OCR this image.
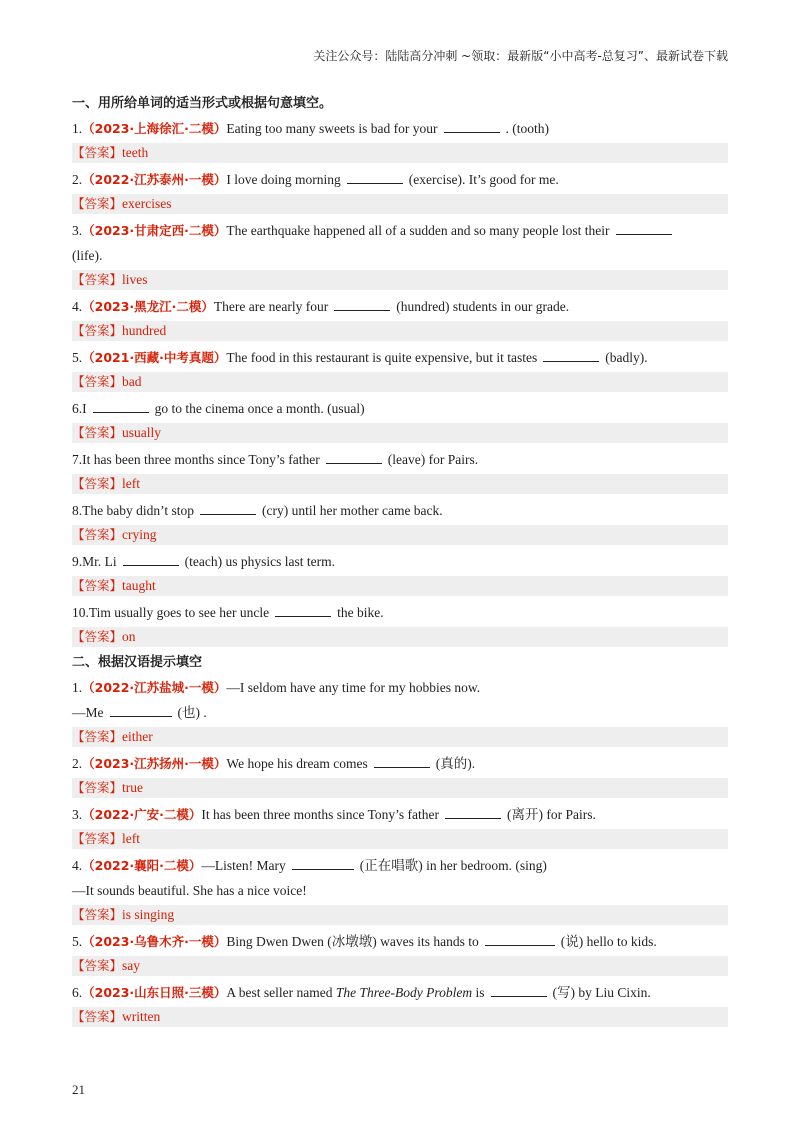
关注公众号：陆陆高分冲刺 ~领取：最新版“小中高考-总复习”、最新试卷下载
一、用所给单词的适当形式或根据句意填空。
1.（2023·上海徐汇·二模）Eating too many sweets is bad for your	. (tooth)
【答案】teeth
2.（2022·江苏泰州·一模）I love doing morning	(exercise). It’s good for me.
【答案】exercises
3.（2023·甘肃定西·二模）The earthquake happened all of a sudden and so many people lost their
(life).
【答案】lives
4.（2023·黑龙江·二模）There are nearly four	(hundred) students in our grade.
【答案】hundred
5.（2021·西藏·中考真题）The food in this restaurant is quite expensive, but it tastes	(badly).
【答案】bad
6.I	go to the cinema once a month. (usual)
【答案】usually
7.It has been three months since Tony’s father	(leave) for Pairs.
【答案】left
8.The baby didn’t stop	(cry) until her mother came back.
【答案】crying
9.Mr. Li	(teach) us physics last term.
【答案】taught
10.Tim usually goes to see her uncle	the bike.
【答案】on
二、根据汉语提示填空
1.（2022·江苏盐城·一模）—I seldom have any time for my hobbies now.
—Me	(也) .
【答案】either
2.（2023·江苏扬州·一模）We hope his dream comes	(真的).
【答案】true
3.（2022·广安·二模）It has been three months since Tony’s father	(离开) for Pairs.
【答案】left
4.（2022·襄阳·二模）—Listen! Mary	(正在唱歌) in her bedroom. (sing)
—It sounds beautiful. She has a nice voice!
【答案】is singing
5.（2023·乌鲁木齐·一模）Bing Dwen Dwen (冰墩墩) waves its hands to	(说) hello to kids.
【答案】say
6.（2023·山东日照·三模）A best seller named The Three-Body Problem is	(写) by Liu Cixin.
【答案】written
21
